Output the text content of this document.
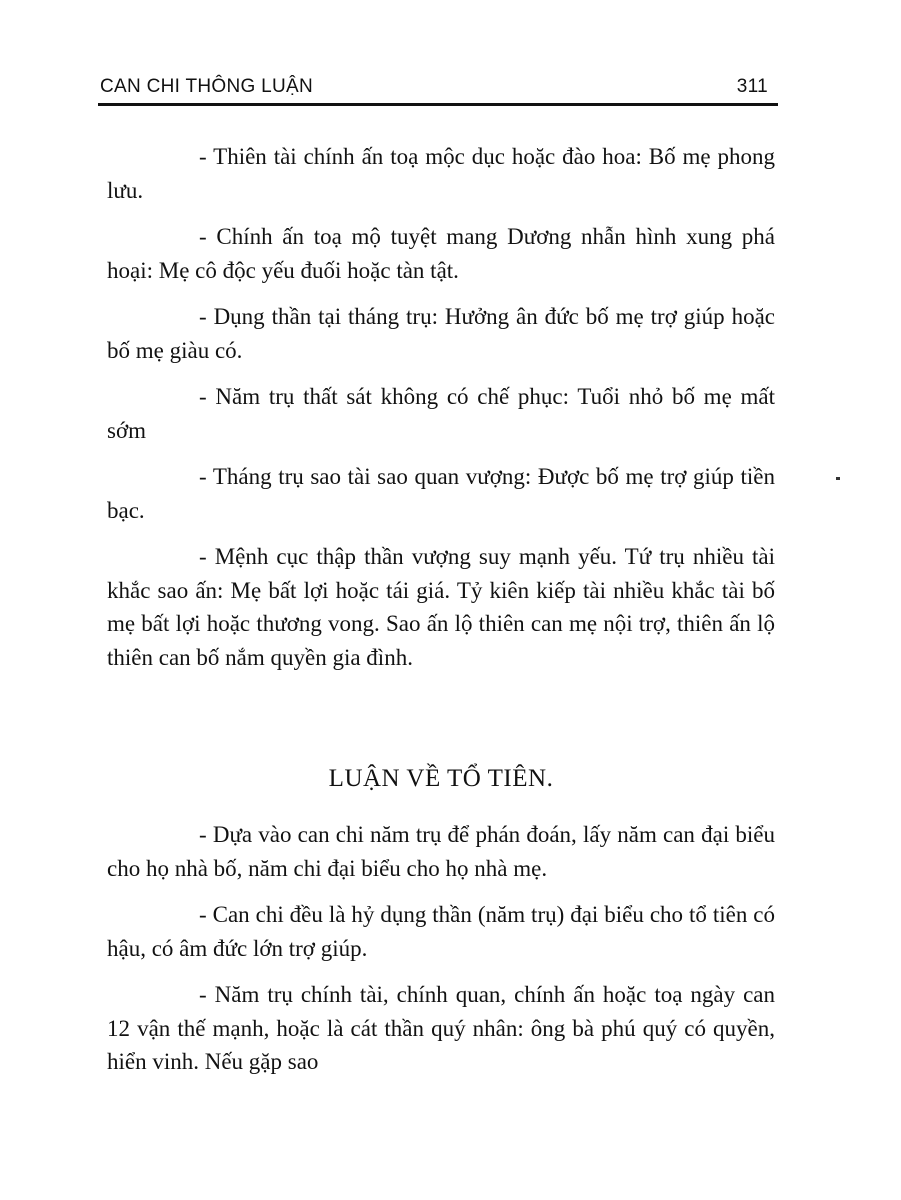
CAN CHI THÔNG LUẬN	311

- Thiên tài chính ấn toạ mộc dục hoặc đào hoa: Bố mẹ phong lưu.

- Chính ấn toạ mộ tuyệt mang Dương nhẫn hình xung phá hoại: Mẹ cô độc yếu đuối hoặc tàn tật.

- Dụng thần tại tháng trụ: Hưởng ân đức bố mẹ trợ giúp hoặc bố mẹ giàu có.

- Năm trụ thất sát không có chế phục: Tuổi nhỏ bố mẹ mất sớm

- Tháng trụ sao tài sao quan vượng: Được bố mẹ trợ giúp tiền bạc.

- Mệnh cục thập thần vượng suy mạnh yếu. Tứ trụ nhiều tài khắc sao ấn: Mẹ bất lợi hoặc tái giá. Tỷ kiên kiếp tài nhiều khắc tài bố mẹ bất lợi hoặc thương vong. Sao ấn lộ thiên can mẹ nội trợ, thiên ấn lộ thiên can bố nắm quyền gia đình.

LUẬN VỀ TỔ TIÊN.

- Dựa vào can chi năm trụ để phán đoán, lấy năm can đại biểu cho họ nhà bố, năm chi đại biểu cho họ nhà mẹ.

- Can chi đều là hỷ dụng thần (năm trụ) đại biểu cho tổ tiên có hậu, có âm đức lớn trợ giúp.

- Năm trụ chính tài, chính quan, chính ấn hoặc toạ ngày can 12 vận thế mạnh, hoặc là cát thần quý nhân: ông bà phú quý có quyền, hiển vinh. Nếu gặp sao
